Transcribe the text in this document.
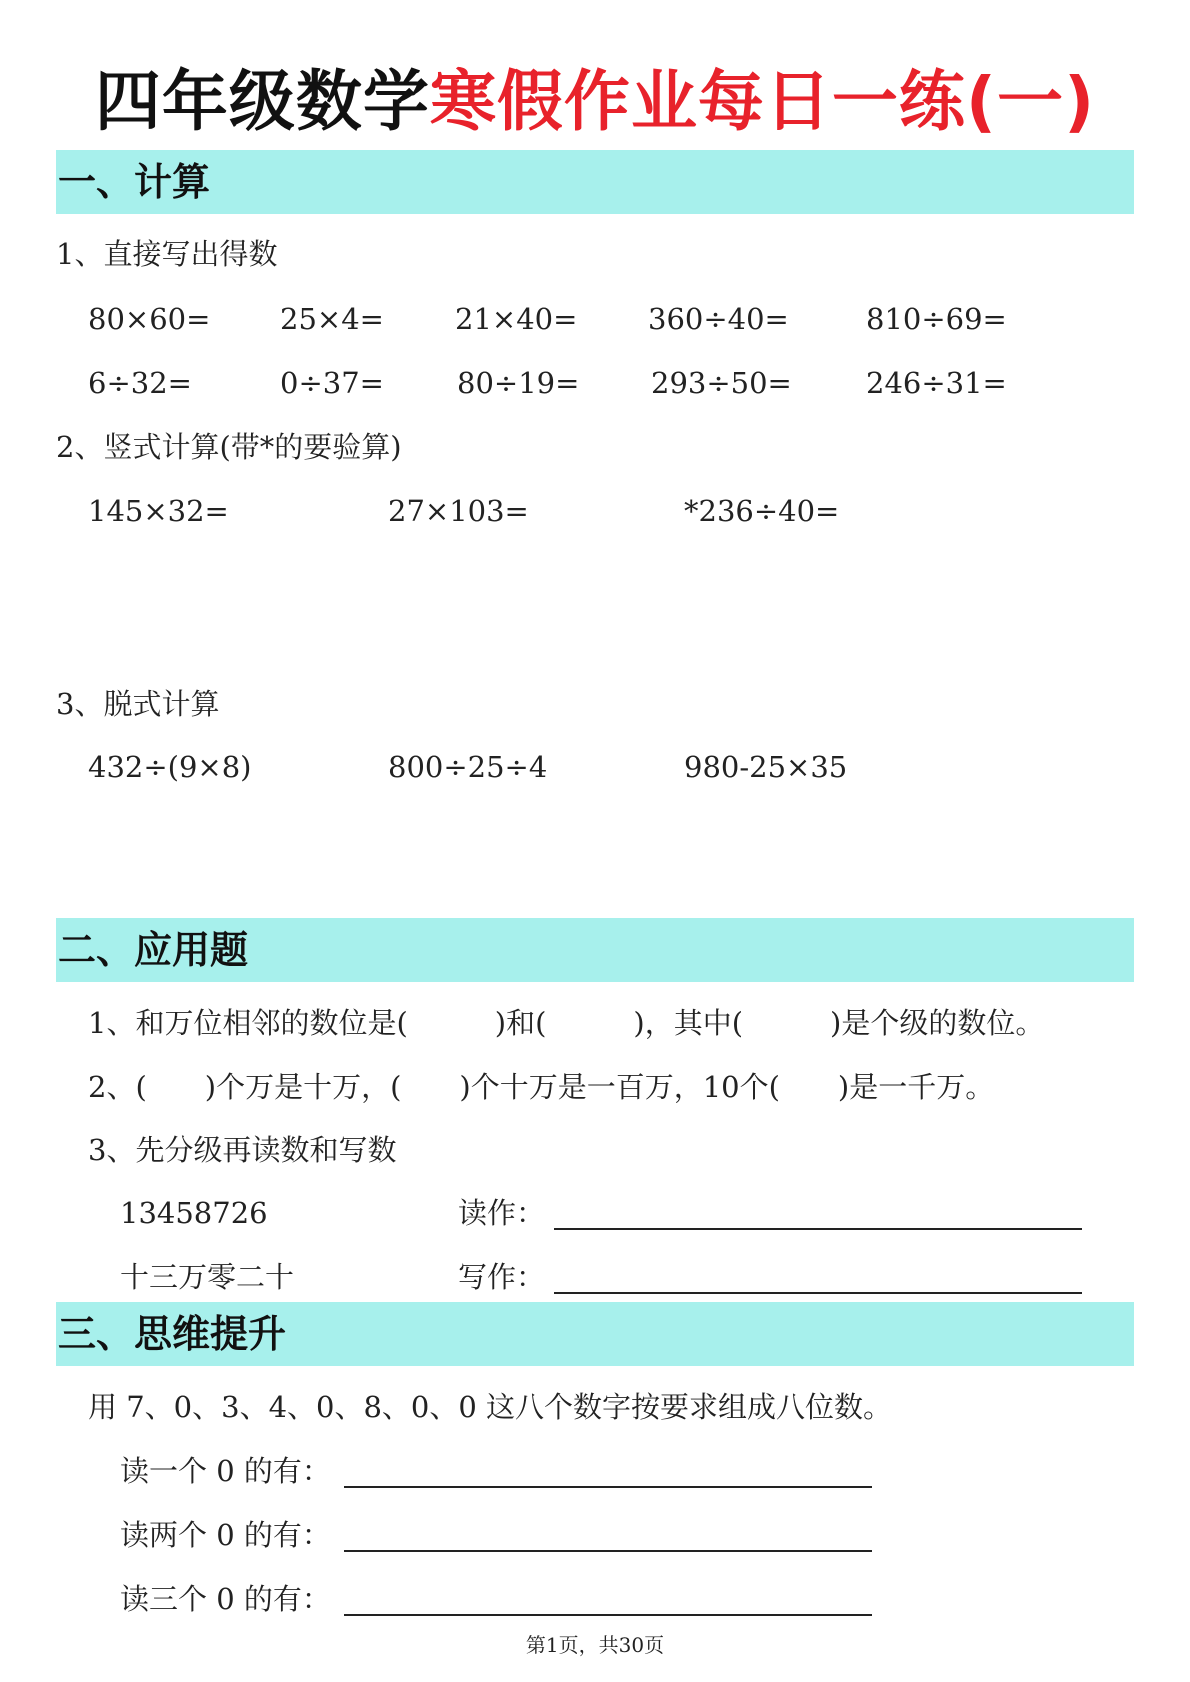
四年级数学寒假作业每日一练(一)
一、计算
1、直接写出得数
80×60= 25×4= 21×40= 360÷40=	810÷69=
6÷32=	0÷37=	80÷19= 293÷50=	246÷31=
2、竖式计算(带*的要验算)
145×32=	27×103=	*236÷40=
3、脱式计算
432÷(9×8)	800÷25÷4	980-25×35
二、应用题
1、和万位相邻的数位是(　　　)和(　　　)，其中(　　　)是个级的数位。
2、(　　)个万是十万，(　　)个十万是一百万，10个(　　)是一千万。
3、先分级再读数和写数
13458726	读作：
十三万零二十	写作：
三、思维提升
用 7、0、3、4、0、8、0、0 这八个数字按要求组成八位数。
读一个 0 的有：
读两个 0 的有：
读三个 0 的有：
第1页，共30页
